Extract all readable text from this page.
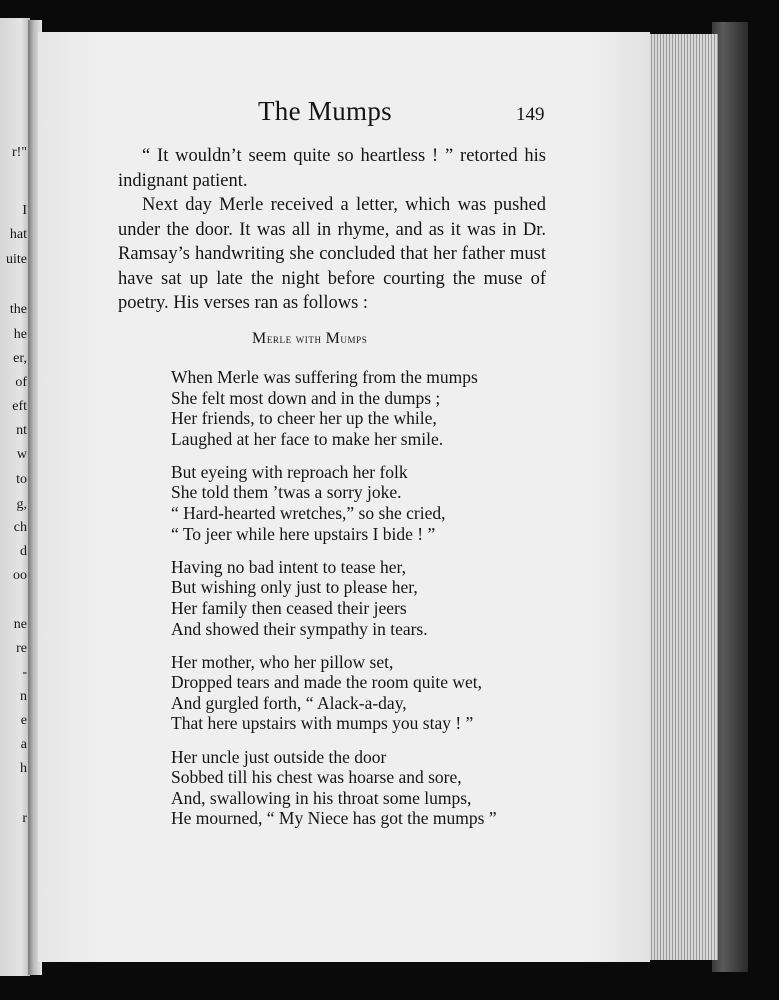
r!"
I
hat
uite
the
he
er,
of
eft
nt
w
to
g,
ch
d
oo
ne
re
-
n
e
a
h
r
The Mumps	149

“ It wouldn’t seem quite so heartless ! ” retorted his indignant patient.

Next day Merle received a letter, which was pushed under the door. It was all in rhyme, and as it was in Dr. Ramsay’s handwriting she concluded that her father must have sat up late the night before courting the muse of poetry. His verses ran as follows :

Merle with Mumps
When Merle was suffering from the mumps
She felt most down and in the dumps ;
Her friends, to cheer her up the while,
Laughed at her face to make her smile.
But eyeing with reproach her folk
She told them ’twas a sorry joke.
“ Hard-hearted wretches,” so she cried,
“ To jeer while here upstairs I bide ! ”
Having no bad intent to tease her,
But wishing only just to please her,
Her family then ceased their jeers
And showed their sympathy in tears.
Her mother, who her pillow set,
Dropped tears and made the room quite wet,
And gurgled forth, “ Alack-a-day,
That here upstairs with mumps you stay ! ”
Her uncle just outside the door
Sobbed till his chest was hoarse and sore,
And, swallowing in his throat some lumps,
He mourned, “ My Niece has got the mumps ”
